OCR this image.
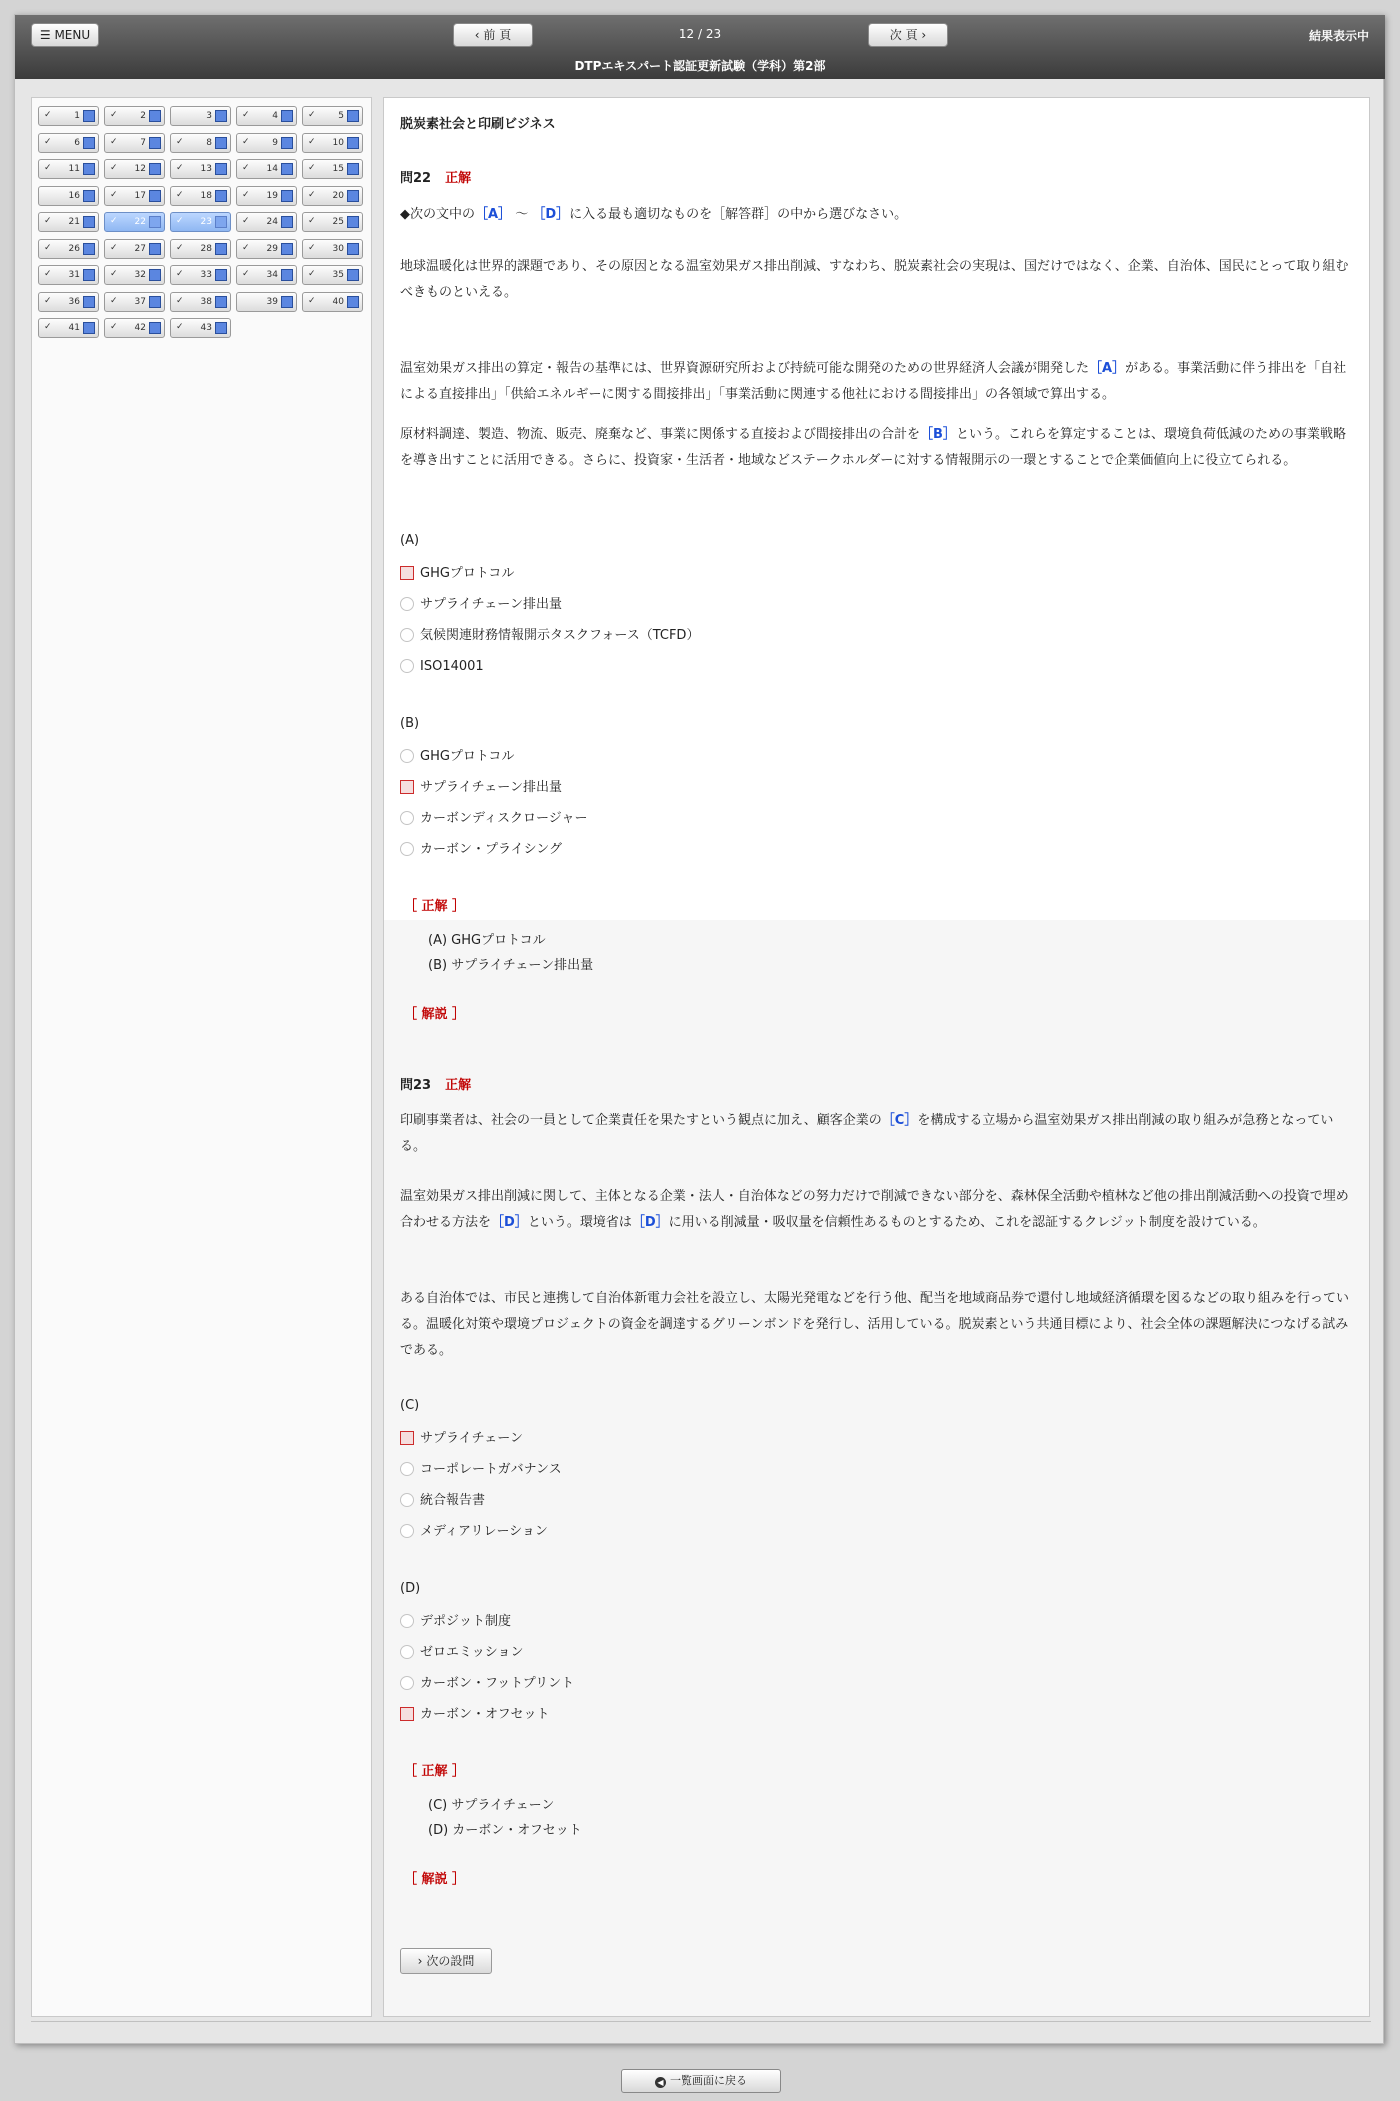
☰ MENU	‹ 前 頁	12 / 23	次 頁 ›	結果表示中
DTPエキスパート認証更新試験（学科）第2部
✓	1	✓	2	3	✓	4	✓	5
✓	6	✓	7	✓	8	✓	9	✓ 10
✓ 11	✓ 12	✓ 13	✓ 14	✓ 15
16	✓ 17	✓ 18	✓ 19	✓ 20
✓ 21	✓ 22	✓ 23	✓ 24	✓ 25
✓ 26	✓ 27	✓ 28	✓ 29	✓ 30
✓ 31	✓ 32	✓ 33	✓ 34	✓ 35
✓ 36	✓ 37	✓ 38	39	✓ 40
✓ 41	✓ 42	✓ 43
脱炭素社会と印刷ビジネス
問22 正解
◆次の文中の［A］ 〜 ［D］に入る最も適切なものを［解答群］の中から選びなさい。
地球温暖化は世界的課題であり、その原因となる温室効果ガス排出削減、すなわち、脱炭素社会の実現は、国だけではなく、企業、自治体、国民にとって取り組むべきものといえる。
温室効果ガス排出の算定・報告の基準には、世界資源研究所および持続可能な開発のための世界経済人会議が開発した［A］がある。事業活動に伴う排出を「自社による直接排出」「供給エネルギーに関する間接排出」「事業活動に関連する他社における間接排出」の各領域で算出する。
原材料調達、製造、物流、販売、廃棄など、事業に関係する直接および間接排出の合計を［B］という。これらを算定することは、環境負荷低減のための事業戦略を導き出すことに活用できる。さらに、投資家・生活者・地域などステークホルダーに対する情報開示の一環とすることで企業価値向上に役立てられる。
(A)
GHGプロトコル
サプライチェーン排出量
気候関連財務情報開示タスクフォース（TCFD）
ISO14001
(B)
GHGプロトコル
サプライチェーン排出量
カーボンディスクロージャー
カーボン・プライシング
［ 正解 ］
(A) GHGプロトコル
(B) サプライチェーン排出量
［ 解説 ］
問23 正解
印刷事業者は、社会の一員として企業責任を果たすという観点に加え、顧客企業の［C］を構成する立場から温室効果ガス排出削減の取り組みが急務となっている。
温室効果ガス排出削減に関して、主体となる企業・法人・自治体などの努力だけで削減できない部分を、森林保全活動や植林など他の排出削減活動への投資で埋め合わせる方法を［D］という。環境省は［D］に用いる削減量・吸収量を信頼性あるものとするため、これを認証するクレジット制度を設けている。
ある自治体では、市民と連携して自治体新電力会社を設立し、太陽光発電などを行う他、配当を地域商品券で還付し地域経済循環を図るなどの取り組みを行っている。温暖化対策や環境プロジェクトの資金を調達するグリーンボンドを発行し、活用している。脱炭素という共通目標により、社会全体の課題解決につなげる試みである。
(C)
サプライチェーン
コーポレートガバナンス
統合報告書
メディアリレーション
(D)
デポジット制度
ゼロエミッション
カーボン・フットプリント
カーボン・オフセット
［ 正解 ］
(C) サプライチェーン
(D) カーボン・オフセット
［ 解説 ］
› 次の設問
◀ 一覧画面に戻る
